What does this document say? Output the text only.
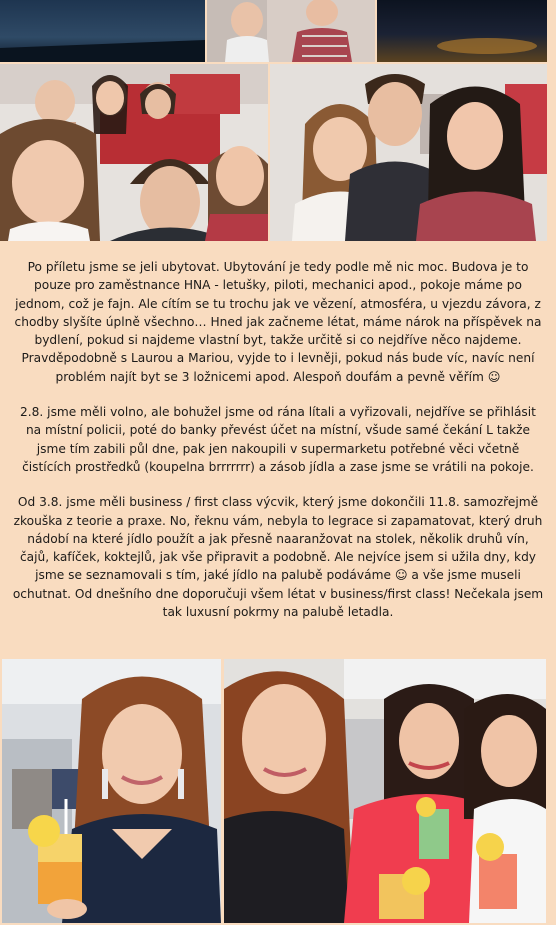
Po příletu jsme se jeli ubytovat. Ubytování je tedy podle mě nic moc. Budova je to pouze pro zaměstnance HNA - letušky, piloti, mechanici apod., pokoje máme po jednom, což je fajn. Ale cítím se tu trochu jak ve vězení, atmosféra, u vjezdu závora, z chodby slyšíte úplně všechno… Hned jak začneme létat, máme nárok na příspěvek na bydlení, pokud si najdeme vlastní byt, takže určitě si co nejdříve něco najdeme. Pravděpodobně s Laurou a Mariou, vyjde to i levněji, pokud nás bude víc, navíc není problém najít byt se 3 ložnicemi apod. Alespoň doufám a pevně věřím ☺

2.8. jsme měli volno, ale bohužel jsme od rána lítali a vyřizovali, nejdříve se přihlásit na místní policii, poté do banky převést účet na místní, všude samé čekání L takže jsme tím zabili půl dne, pak jen nakoupili v supermarketu potřebné věci včetně čistících prostředků (koupelna brrrrrrr) a zásob jídla a zase jsme se vrátili na pokoje.

Od 3.8. jsme měli business / first class výcvik, který jsme dokončili 11.8. samozřejmě zkouška z teorie a praxe. No, řeknu vám, nebyla to legrace si zapamatovat, který druh nádobí na které jídlo použít a jak přesně naaranžovat na stolek, několik druhů vín, čajů, kafíček, koktejlů, jak vše připravit a podobně. Ale nejvíce jsem si užila dny, kdy jsme se seznamovali s tím, jaké jídlo na palubě podáváme ☺ a vše jsme museli ochutnat. Od dnešního dne doporučuji všem létat v business/first class! Nečekala jsem tak luxusní pokrmy na palubě letadla.
